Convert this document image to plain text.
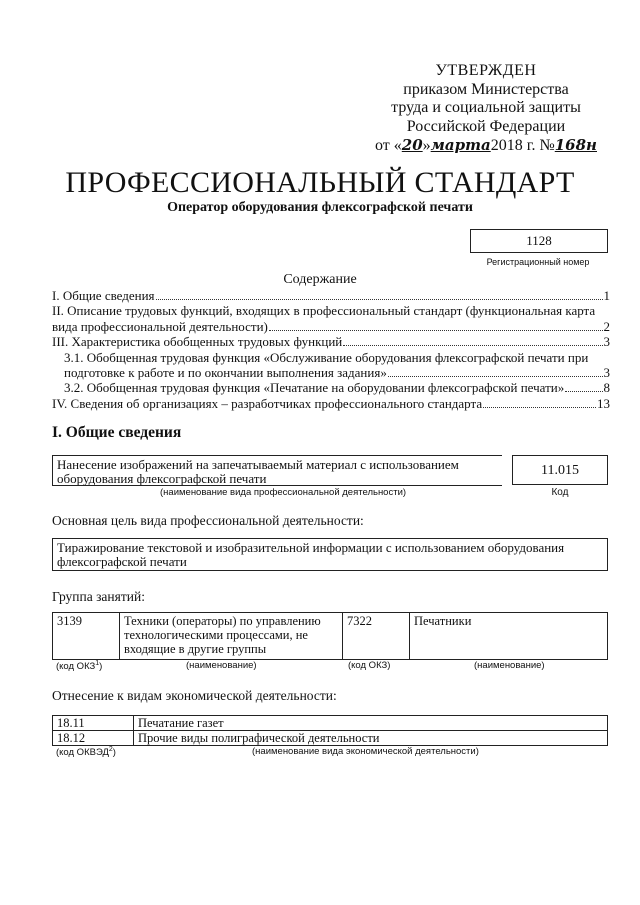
УТВЕРЖДЕН
приказом Министерства
труда и социальной защиты
Российской Федерации
от «20»марта2018 г. №168н
ПРОФЕССИОНАЛЬНЫЙ СТАНДАРТ
Оператор оборудования флексографской печати
1128
Регистрационный номер
Содержание
I. Общие сведения	1
II. Описание трудовых функций, входящих в профессиональный стандарт (функциональная карта
вида профессиональной деятельности)	2
III. Характеристика обобщенных трудовых функций	3
3.1. Обобщенная трудовая функция «Обслуживание оборудования флексографской печати при
подготовке к работе и по окончании выполнения задания»	3
3.2. Обобщенная трудовая функция «Печатание на оборудовании флексографской печати»	8
IV. Сведения об организациях – разработчиках профессионального стандарта	13
I. Общие сведения
Нанесение изображений на запечатываемый материал с использованием оборудования флексографской печати
(наименование вида профессиональной деятельности)
11.015
Код
Основная цель вида профессиональной деятельности:
Тиражирование текстовой и изобразительной информации с использованием оборудования флексографской печати
Группа занятий:
3139	Техники (операторы) по управлению технологическими процессами, не входящие в другие группы	7322	Печатники
(код ОКЗ$^1$)	(наименование)	(код ОКЗ)	(наименование)
Отнесение к видам экономической деятельности:
18.11	Печатание газет
18.12	Прочие виды полиграфической деятельности
(код ОКВЭД$^2$)	(наименование вида экономической деятельности)
